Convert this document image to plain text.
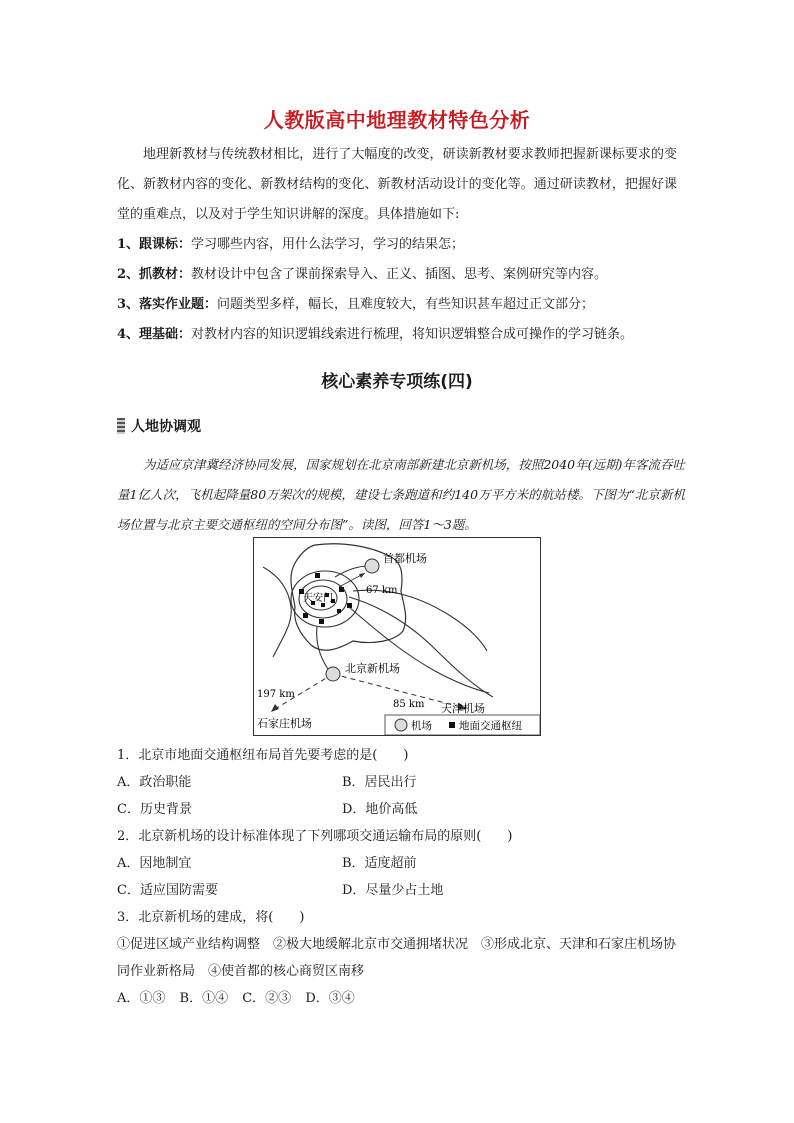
人教版高中地理教材特色分析
地理新教材与传统教材相比，进行了大幅度的改变，研读新教材要求教师把握新课标要求的变化、新教材内容的变化、新教材结构的变化、新教材活动设计的变化等。通过研读教材，把握好课堂的重难点，以及对于学生知识讲解的深度。具体措施如下:
1、跟课标：学习哪些内容，用什么法学习，学习的结果怎；
2、抓教材：教材设计中包含了课前探索导入、正义、插图、思考、案例研究等内容。
3、落实作业题：问题类型多样，幅长，且难度较大，有些知识甚车超过正文部分；
4、理基础：对教材内容的知识逻辑线索进行梳理，将知识逻辑整合成可操作的学习链条。
核心素养专项练(四)
人地协调观
为适应京津冀经济协同发展，国家规划在北京南部新建北京新机场，按照2040年(远期)年客流吞吐量1亿人次，飞机起降量80万架次的规模，建设七条跑道和约140万平方米的航站楼。下图为“北京新机场位置与北京主要交通枢纽的空间分布图”。读图，回答1～3题。
首都机场
天安门
67 km
北京新机场
197 km
85 km 天津机场
石家庄机场	机场	地面交通枢纽
1．北京市地面交通枢纽布局首先要考虑的是(　　)
A．政治职能	B．居民出行
C．历史背景	D．地价高低
2．北京新机场的设计标准体现了下列哪项交通运输布局的原则(　　)
A．因地制宜	B．适度超前
C．适应国防需要	D．尽量少占土地
3．北京新机场的建成，将(　　)
①促进区域产业结构调整　②极大地缓解北京市交通拥堵状况　③形成北京、天津和石家庄机场协同作业新格局　④使首都的核心商贸区南移
A．①③ B．①④ C．②③ D．③④
